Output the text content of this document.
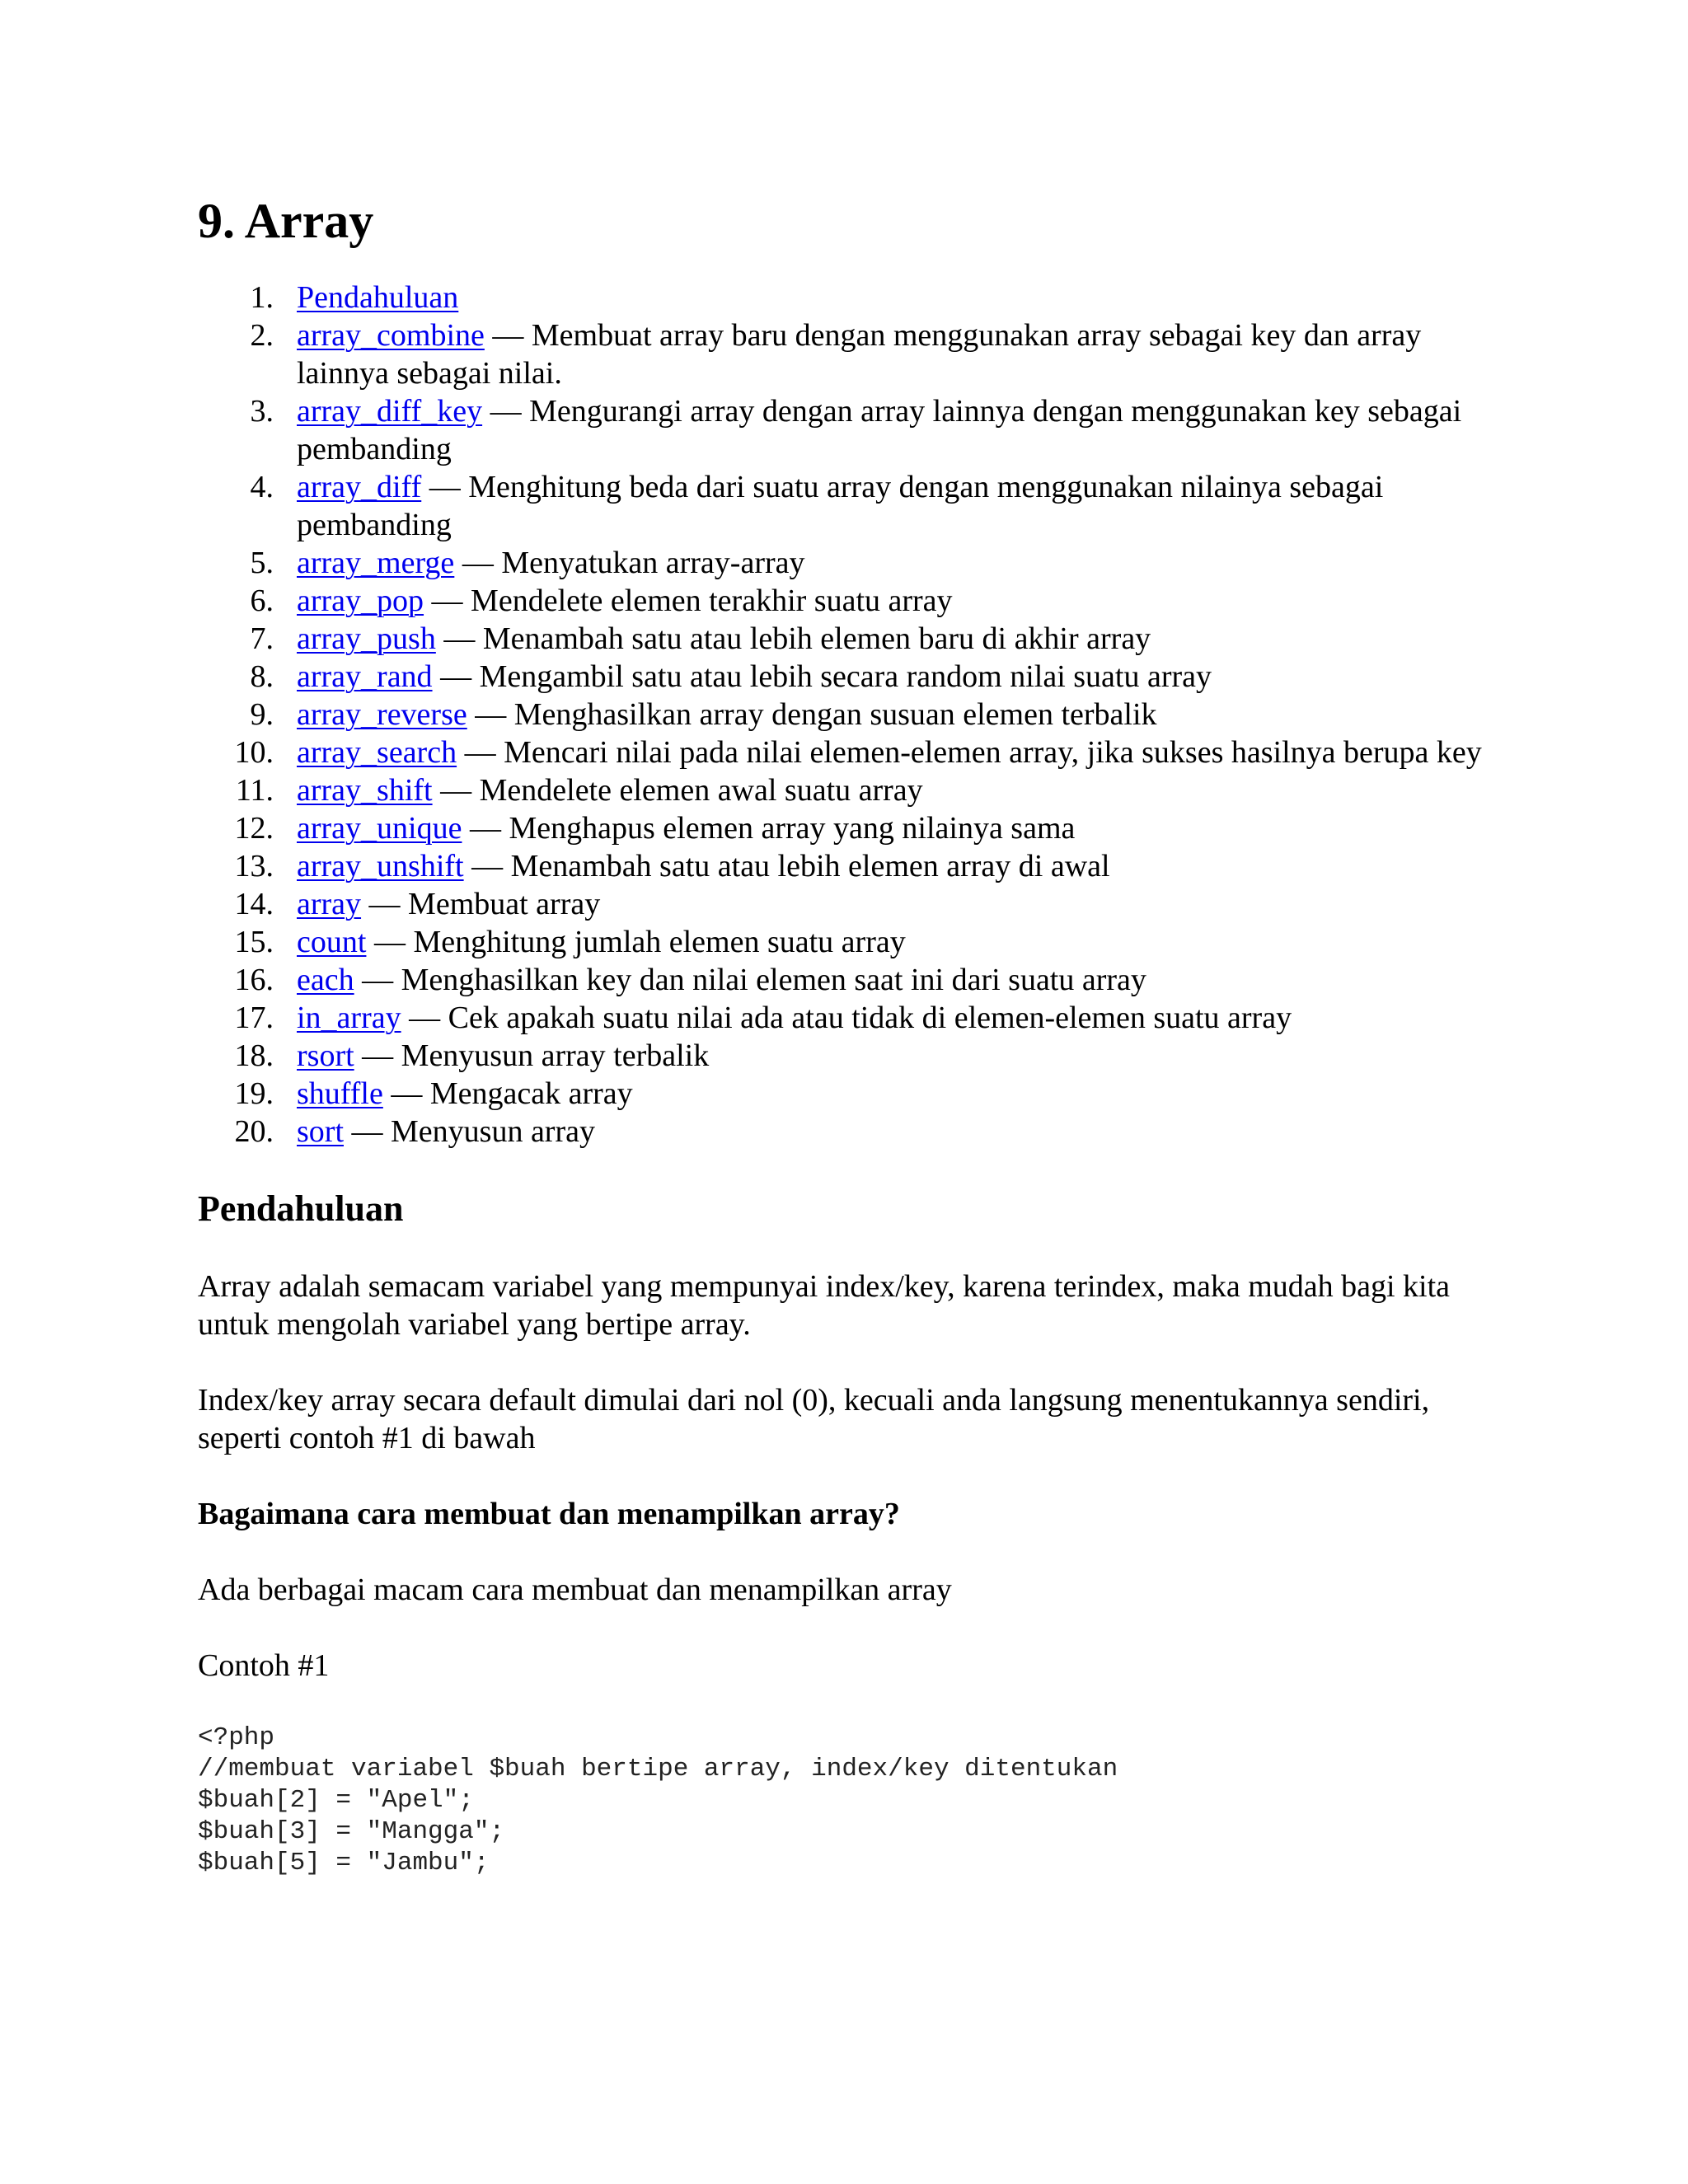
9. Array
1. Pendahuluan
2. array_combine — Membuat array baru dengan menggunakan array sebagai key dan array lainnya sebagai nilai.
3. array_diff_key — Mengurangi array dengan array lainnya dengan menggunakan key sebagai pembanding
4. array_diff — Menghitung beda dari suatu array dengan menggunakan nilainya sebagai pembanding
5. array_merge — Menyatukan array-array
6. array_pop — Mendelete elemen terakhir suatu array
7. array_push — Menambah satu atau lebih elemen baru di akhir array
8. array_rand — Mengambil satu atau lebih secara random nilai suatu array
9. array_reverse — Menghasilkan array dengan susuan elemen terbalik
10. array_search — Mencari nilai pada nilai elemen-elemen array, jika sukses hasilnya berupa key
11. array_shift — Mendelete elemen awal suatu array
12. array_unique — Menghapus elemen array yang nilainya sama
13. array_unshift — Menambah satu atau lebih elemen array di awal
14. array — Membuat array
15. count — Menghitung jumlah elemen suatu array
16. each — Menghasilkan key dan nilai elemen saat ini dari suatu array
17. in_array — Cek apakah suatu nilai ada atau tidak di elemen-elemen suatu array
18. rsort — Menyusun array terbalik
19. shuffle — Mengacak array
20. sort — Menyusun array
Pendahuluan

Array adalah semacam variabel yang mempunyai index/key, karena terindex, maka mudah bagi kita untuk mengolah variabel yang bertipe array.

Index/key array secara default dimulai dari nol (0), kecuali anda langsung menentukannya sendiri, seperti contoh #1 di bawah

Bagaimana cara membuat dan menampilkan array?

Ada berbagai macam cara membuat dan menampilkan array

Contoh #1

<?php
//membuat variabel $buah bertipe array, index/key ditentukan
$buah[2] = "Apel";
$buah[3] = "Mangga";
$buah[5] = "Jambu";
